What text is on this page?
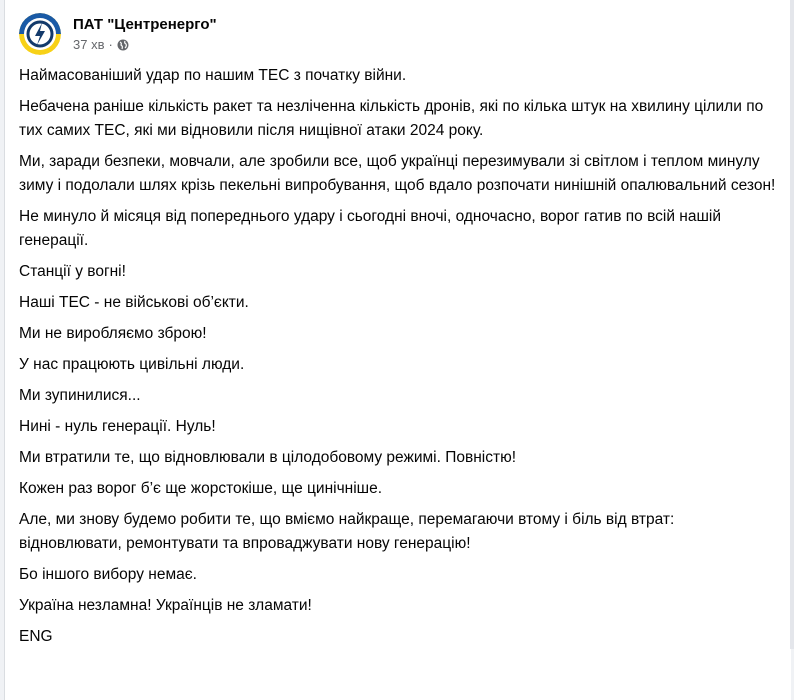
ПАТ "Центренерго"
37 хв ·

Наймасованіший удар по нашим ТЕС з початку війни.

Небачена раніше кількість ракет та незліченна кількість дронів, які по кілька штук на хвилину цілили по тих самих ТЕС, які ми відновили після нищівної атаки 2024 року.

Ми, заради безпеки, мовчали, але зробили все, щоб українці перезимували зі світлом і теплом минулу зиму і подолали шлях крізь пекельні випробування, щоб вдало розпочати нинішній опалювальний сезон!

Не минуло й місяця від попереднього удару і сьогодні вночі, одночасно, ворог гатив по всій нашій генерації.

Станції у вогні!

Наші ТЕС - не військові об’єкти.

Ми не виробляємо зброю!

У нас працюють цивільні люди.

Ми зупинилися...

Нині - нуль генерації. Нуль!

Ми втратили те, що відновлювали в цілодобовому режимі. Повністю!

Кожен раз ворог б’є ще жорстокіше, ще цинічніше.

Але, ми знову будемо робити те, що вміємо найкраще, перемагаючи втому і біль від втрат: відновлювати, ремонтувати та впроваджувати нову генерацію!

Бо іншого вибору немає.

Україна незламна! Українців не зламати!

ENG
